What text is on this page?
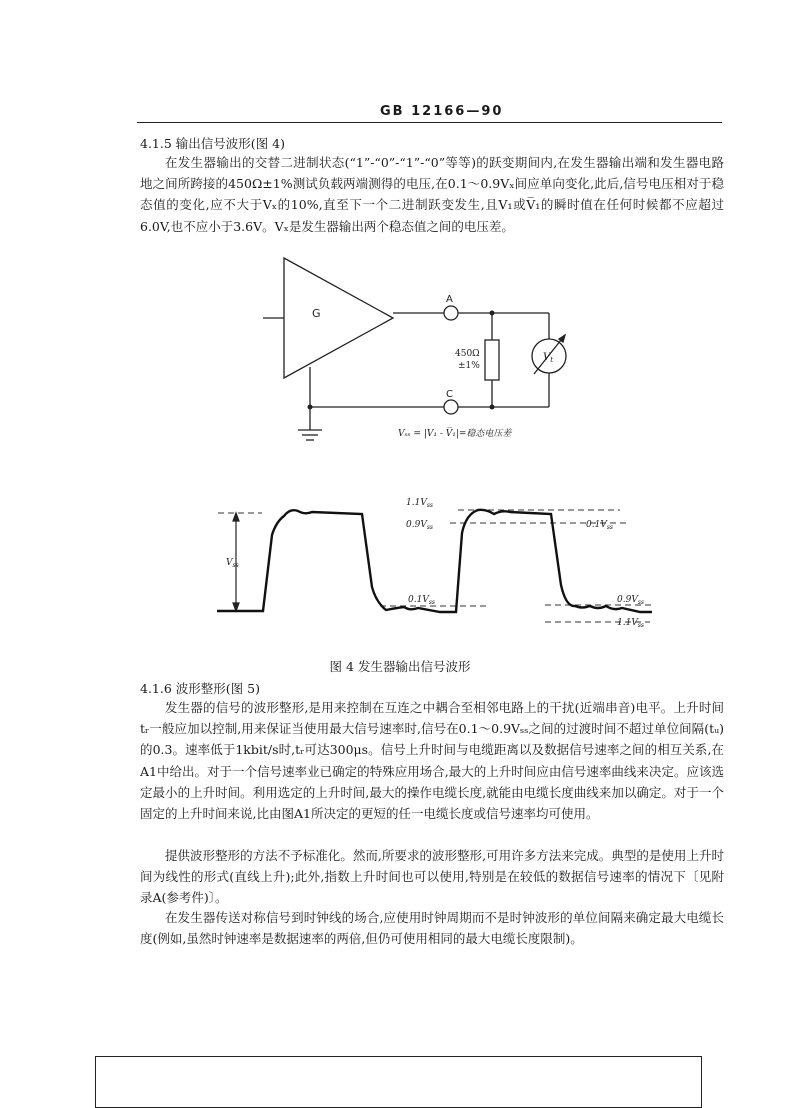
GB 12166—90
4.1.5 输出信号波形(图 4)
在发生器输出的交替二进制状态(“1”-“0”-“1”-“0”等等)的跃变期间内,在发生器输出端和发生器电路地之间所跨接的450Ω±1%测试负载两端测得的电压,在0.1～0.9Vₓ间应单向变化,此后,信号电压相对于稳态值的变化,应不大于Vₓ的10%,直至下一个二进制跃变发生,且V₁或V̅₁的瞬时值在任何时候都不应超过6.0V,也不应小于3.6V。Vₓ是发生器输出两个稳态值之间的电压差。
G
A
C
450Ω
±1%
$V_t$
Vₛₛ = |V₁ - V̅₁|=稳态电压差
$V_{ss}$
$1.1V_{ss}$
$0.9V_{ss}$	$0.1V_{ss}$
$0.1V_{ss}$	$0.9V_{ss}$
$1.1V_{ss}$
图 4 发生器输出信号波形
4.1.6 波形整形(图 5)
发生器的信号的波形整形,是用来控制在互连之中耦合至相邻电路上的干扰(近端串音)电平。上升时间tᵣ一般应加以控制,用来保证当使用最大信号速率时,信号在0.1～0.9Vₛₛ之间的过渡时间不超过单位间隔(tᵤ)的0.3。速率低于1kbit/s时,tᵣ可达300μs。信号上升时间与电缆距离以及数据信号速率之间的相互关系,在A1中给出。对于一个信号速率业已确定的特殊应用场合,最大的上升时间应由信号速率曲线来决定。应该选定最小的上升时间。利用选定的上升时间,最大的操作电缆长度,就能由电缆长度曲线来加以确定。对于一个固定的上升时间来说,比由图A1所决定的更短的任一电缆长度或信号速率均可使用。
提供波形整形的方法不予标准化。然而,所要求的波形整形,可用许多方法来完成。典型的是使用上升时间为线性的形式(直线上升);此外,指数上升时间也可以使用,特别是在较低的数据信号速率的情况下〔见附录A(参考件)〕。
在发生器传送对称信号到时钟线的场合,应使用时钟周期而不是时钟波形的单位间隔来确定最大电缆长度(例如,虽然时钟速率是数据速率的两倍,但仍可使用相同的最大电缆长度限制)。
